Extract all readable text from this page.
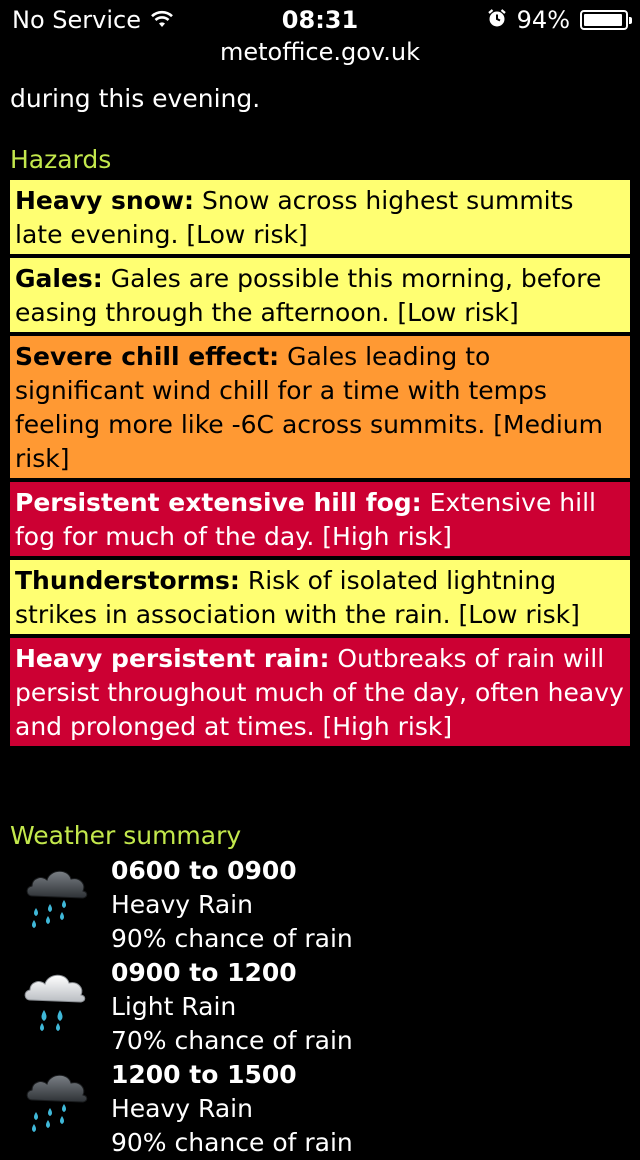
No Service	08:31	94%
metoffice.gov.uk

during this evening.

Hazards
Heavy snow: Snow across highest summits late evening. [Low risk]
Gales: Gales are possible this morning, before easing through the afternoon. [Low risk]
Severe chill effect: Gales leading to significant wind chill for a time with temps feeling more like -6C across summits. [Medium risk]
Persistent extensive hill fog: Extensive hill fog for much of the day. [High risk]
Thunderstorms: Risk of isolated lightning strikes in association with the rain. [Low risk]
Heavy persistent rain: Outbreaks of rain will persist throughout much of the day, often heavy and prolonged at times. [High risk]
Weather summary
0600 to 0900
Heavy Rain
90% chance of rain
0900 to 1200
Light Rain
70% chance of rain
1200 to 1500
Heavy Rain
90% chance of rain
